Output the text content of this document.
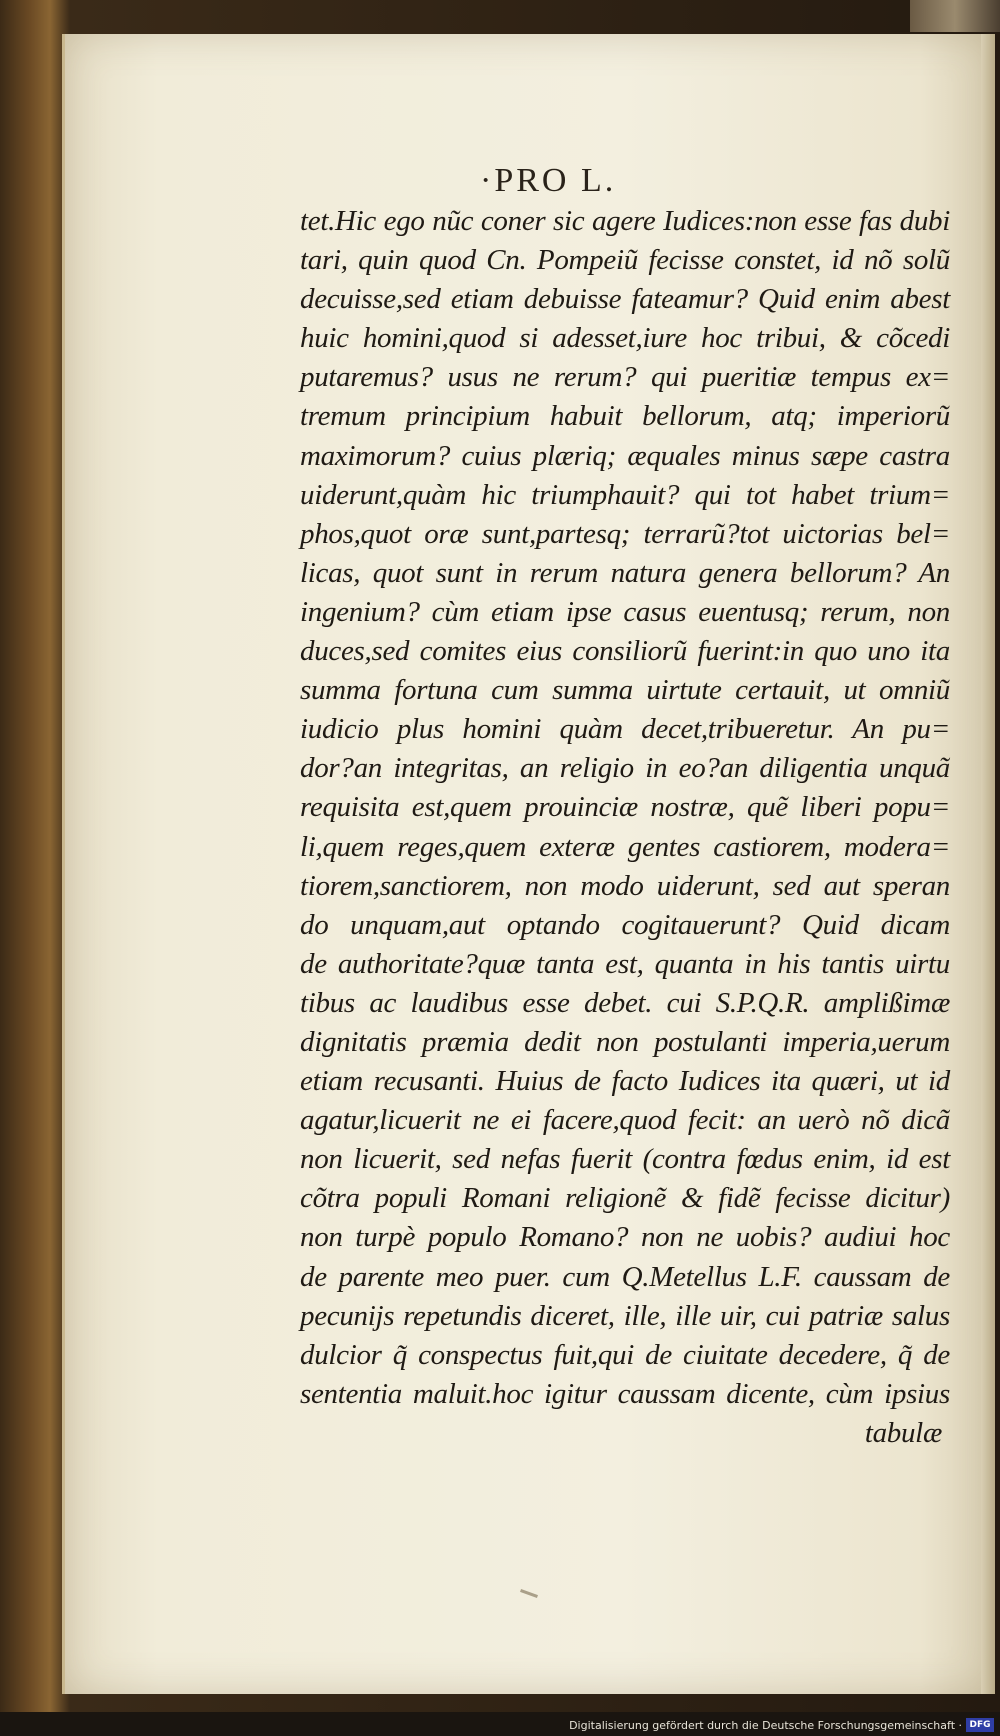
·PRO L.
tet.Hic ego nũc coner sic agere Iudices:non esse fas dubi
tari, quin quod Cn. Pompeiũ fecisse constet, id nõ solũ
decuisse,sed etiam debuisse fateamur? Quid enim abest
huic homini,quod si adesset,iure hoc tribui, & cõcedi
putaremus? usus ne rerum? qui pueritiæ tempus ex=
tremum principium habuit bellorum, atq; imperiorũ
maximorum? cuius plæriq; æquales minus sæpe castra
uiderunt,quàm hic triumphauit? qui tot habet trium=
phos,quot oræ sunt,partesq; terrarũ?tot uictorias bel=
licas, quot sunt in rerum natura genera bellorum? An
ingenium? cùm etiam ipse casus euentusq; rerum, non
duces,sed comites eius consiliorũ fuerint:in quo uno ita
summa fortuna cum summa uirtute certauit, ut omniũ
iudicio plus homini quàm decet,tribueretur. An pu=
dor?an integritas, an religio in eo?an diligentia unquã
requisita est,quem prouinciæ nostræ, quẽ liberi popu=
li,quem reges,quem exteræ gentes castiorem, modera=
tiorem,sanctiorem, non modo uiderunt, sed aut speran
do unquam,aut optando cogitauerunt? Quid dicam
de authoritate?quæ tanta est, quanta in his tantis uirtu
tibus ac laudibus esse debet. cui S.P.Q.R. amplißimæ
dignitatis præmia dedit non postulanti imperia,uerum
etiam recusanti. Huius de facto Iudices ita quæri, ut id
agatur,licuerit ne ei facere,quod fecit: an uerò nõ dicã
non licuerit, sed nefas fuerit (contra fœdus enim, id est
cõtra populi Romani religionẽ & fidẽ fecisse dicitur)
non turpè populo Romano? non ne uobis? audiui hoc
de parente meo puer. cum Q.Metellus L.F. caussam de
pecunijs repetundis diceret, ille, ille uir, cui patriæ salus
dulcior q̃ conspectus fuit,qui de ciuitate decedere, q̃ de
sententia maluit.hoc igitur caussam dicente, cùm ipsius
tabulæ
Digitalisierung gefördert durch die Deutsche Forschungsgemeinschaft · DFG
